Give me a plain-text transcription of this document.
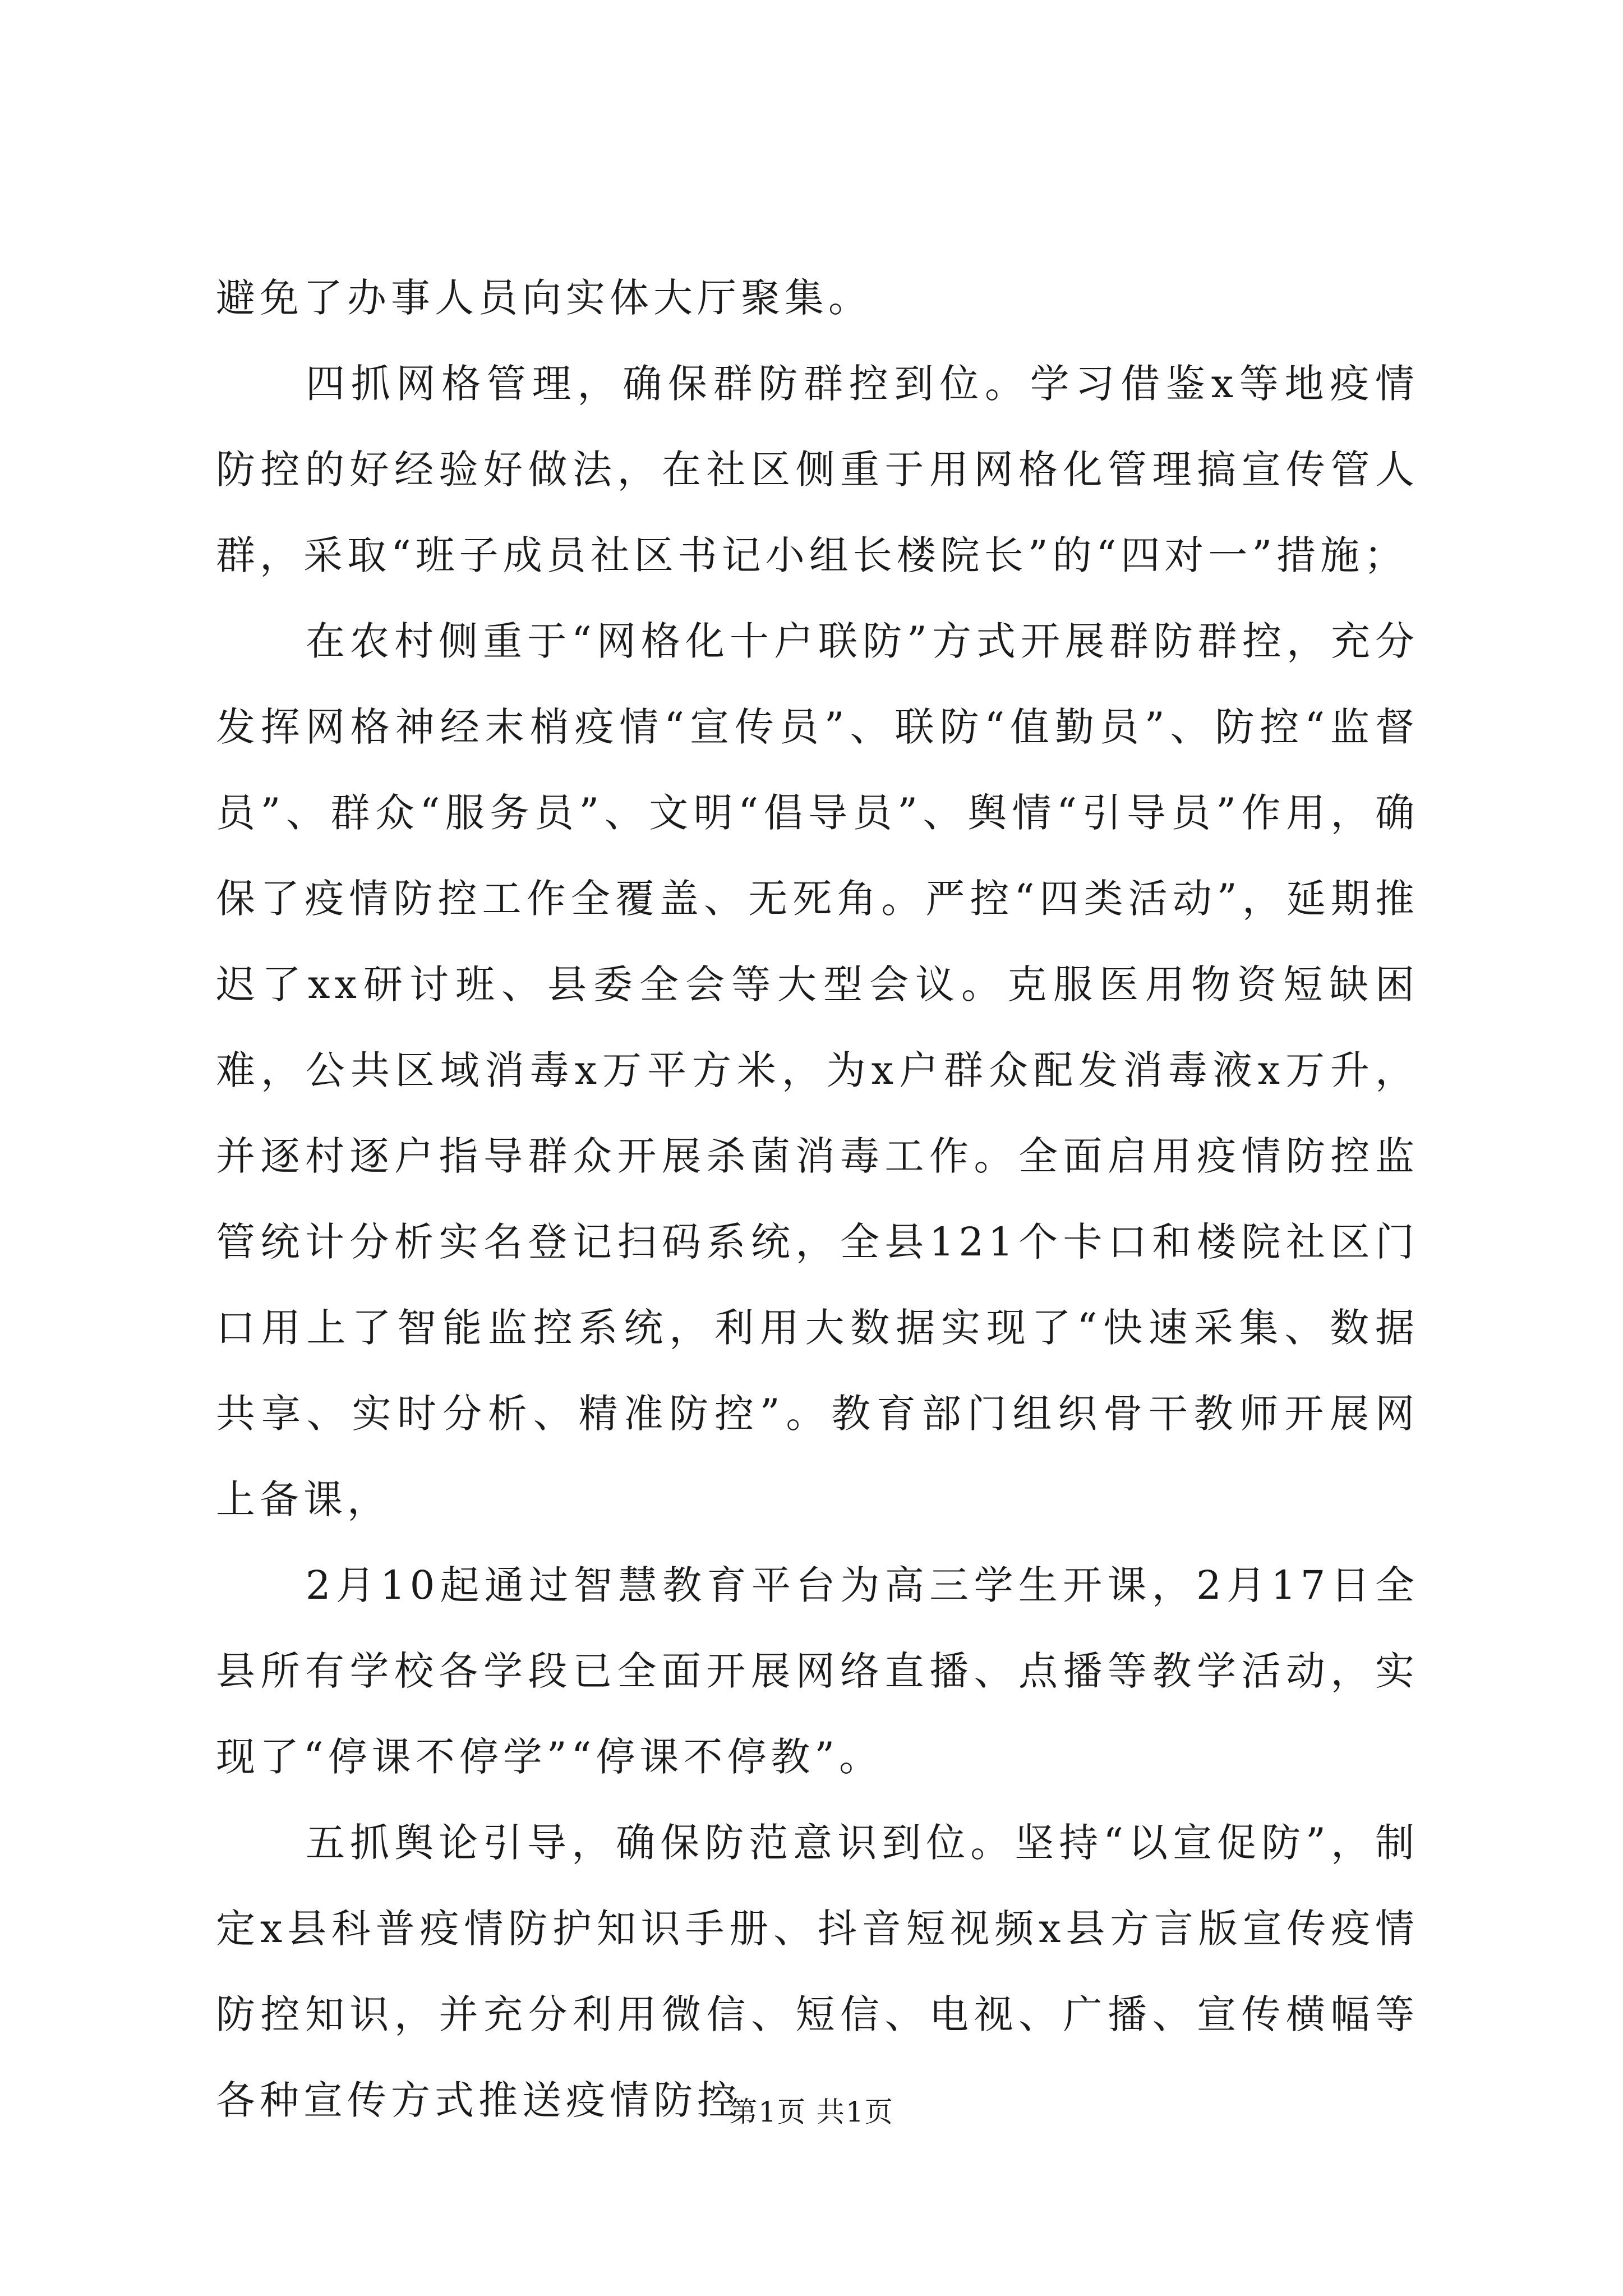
避免了办事人员向实体大厅聚集。

四抓网格管理，确保群防群控到位。学习借鉴x等地疫情防控的好经验好做法，在社区侧重于用网格化管理搞宣传管人群，采取“班子成员社区书记小组长楼院长”的“四对一”措施；

在农村侧重于“网格化十户联防”方式开展群防群控，充分发挥网格神经末梢疫情“宣传员”、联防“值勤员”、防控“监督员”、群众“服务员”、文明“倡导员”、舆情“引导员”作用，确保了疫情防控工作全覆盖、无死角。严控“四类活动”，延期推迟了xx研讨班、县委全会等大型会议。克服医用物资短缺困难，公共区域消毒x万平方米，为x户群众配发消毒液x万升，并逐村逐户指导群众开展杀菌消毒工作。全面启用疫情防控监管统计分析实名登记扫码系统，全县121个卡口和楼院社区门口用上了智能监控系统，利用大数据实现了“快速采集、数据共享、实时分析、精准防控”。教育部门组织骨干教师开展网上备课，

2月10起通过智慧教育平台为高三学生开课，2月17日全县所有学校各学段已全面开展网络直播、点播等教学活动，实现了“停课不停学”“停课不停教”。

五抓舆论引导，确保防范意识到位。坚持“以宣促防”，制定x县科普疫情防护知识手册、抖音短视频x县方言版宣传疫情防控知识，并充分利用微信、短信、电视、广播、宣传横幅等各种宣传方式推送疫情防控

第1页 共1页
